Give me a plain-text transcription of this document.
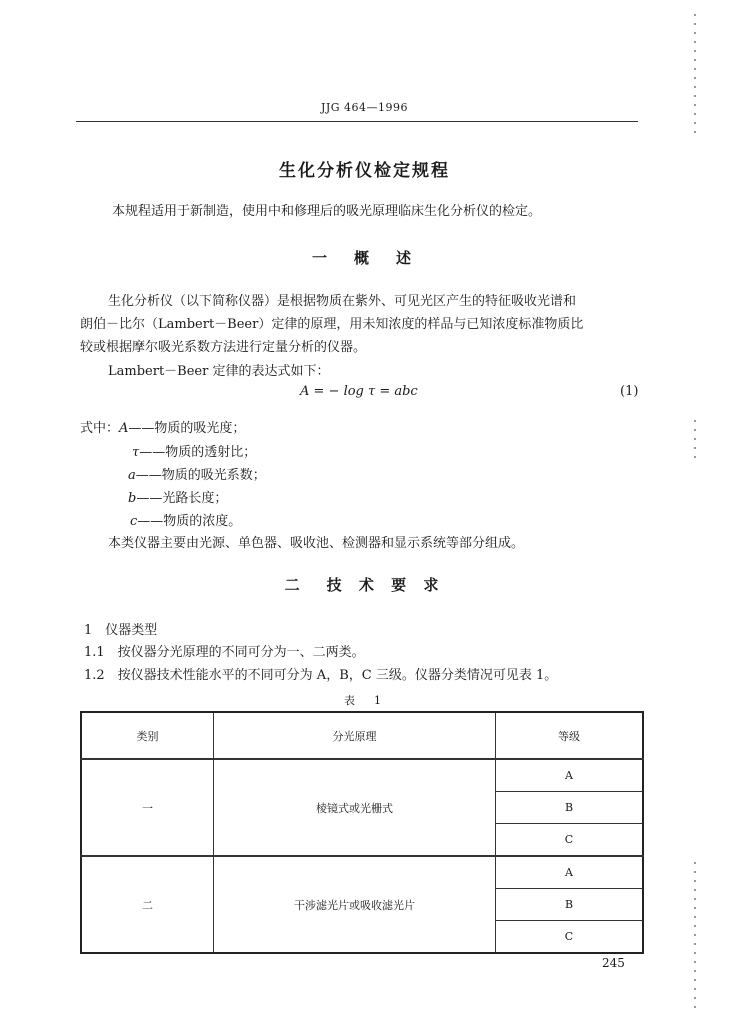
JJG 464—1996
生化分析仪检定规程
本规程适用于新制造，使用中和修理后的吸光原理临床生化分析仪的检定。
一　概　述
生化分析仪（以下简称仪器）是根据物质在紫外、可见光区产生的特征吸收光谱和
朗伯－比尔（Lambert－Beer）定律的原理，用未知浓度的样品与已知浓度标准物质比
较或根据摩尔吸光系数方法进行定量分析的仪器。
Lambert－Beer 定律的表达式如下：
A = − log τ = abc	(1)
式中：A——物质的吸光度；
τ——物质的透射比；
a——物质的吸光系数；
b——光路长度；
c——物质的浓度。
本类仪器主要由光源、单色器、吸收池、检测器和显示系统等部分组成。
二　技 术 要 求
1　仪器类型
1.1　按仪器分光原理的不同可分为一、二两类。
1.2　按仪器技术性能水平的不同可分为 A，B，C 三级。仪器分类情况可见表 1。
表　1
类别	分光原理	等级
一	棱镜式或光栅式	A
		B
		C
二	干涉滤光片或吸收滤光片	A
		B
		C
245
